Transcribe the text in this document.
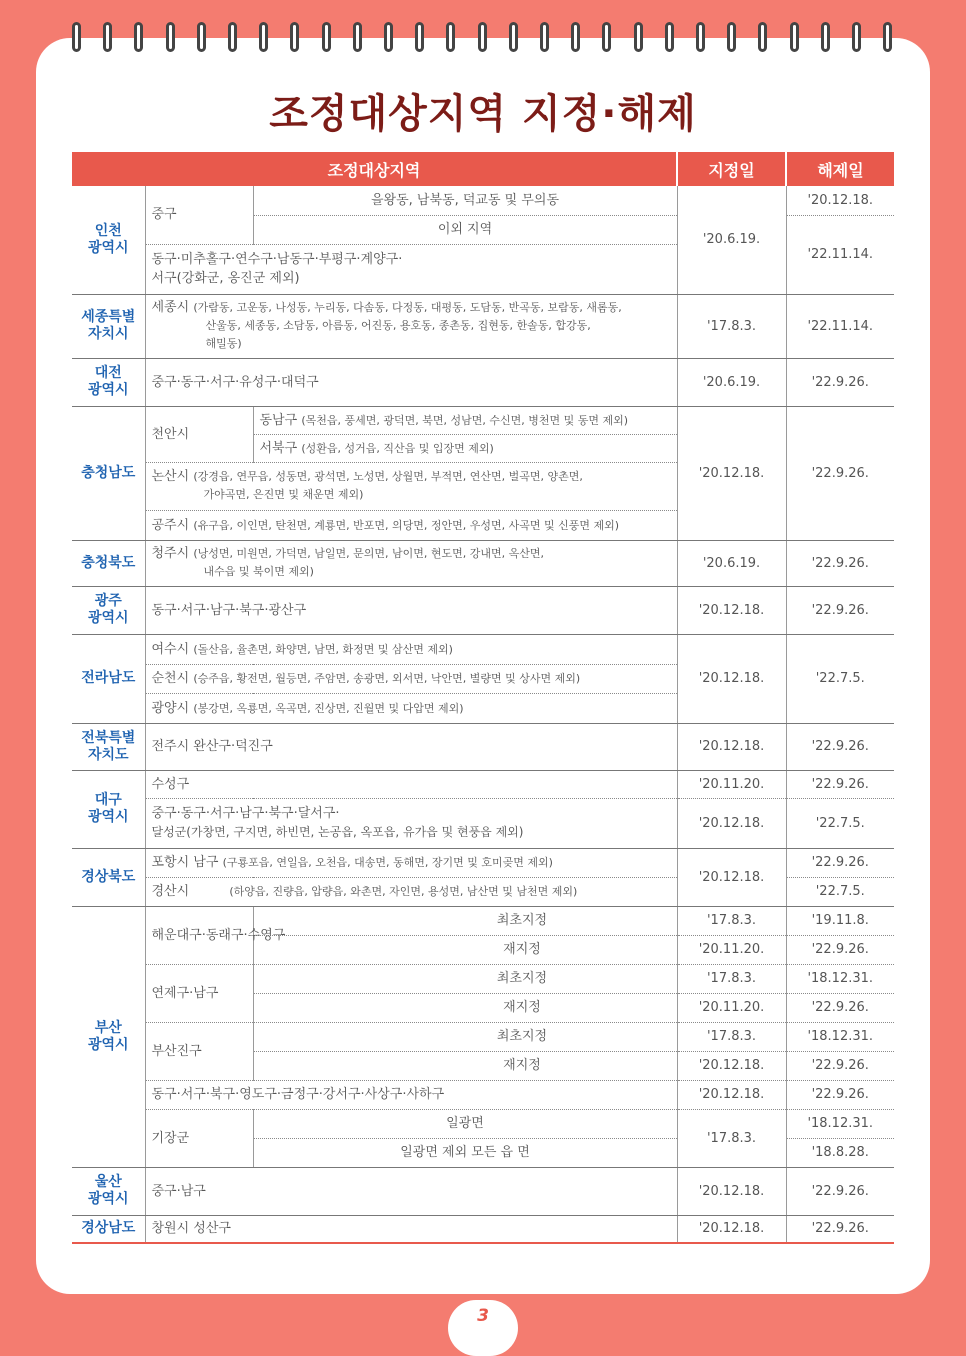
조정대상지역 지정·해제
조정대상지역			지정일	해제일
인천
광역시	중구	을왕동, 남북동, 덕교동 및 무의동	'20.6.19.	'20.12.18.
		이외 지역		'22.11.14.
	동구·미추홀구·연수구·남동구·부평구·계양구·
서구(강화군, 옹진군 제외)			
세종특별
자치시	세종시 (가람동, 고운동, 나성동, 누리동, 다솜동, 다정동, 대평동, 도담동, 반곡동, 보람동, 새롬동,
산울동, 세종동, 소담동, 아름동, 어진동, 용호동, 종촌동, 집현동, 한솔동, 합강동,
해밀동)		'17.8.3.	'22.11.14.
대전
광역시	중구·동구·서구·유성구·대덕구		'20.6.19.	'22.9.26.
충청남도	천안시	동남구 (목천읍, 풍세면, 광덕면, 북면, 성남면, 수신면, 병천면 및 동면 제외)	'20.12.18.	'22.9.26.
		서북구 (성환읍, 성거읍, 직산읍 및 입장면 제외)		
	논산시 (강경읍, 연무읍, 성동면, 광석면, 노성면, 상월면, 부적면, 연산면, 벌곡면, 양촌면,
가야곡면, 은진면 및 채운면 제외)			
	공주시 (유구읍, 이인면, 탄천면, 계룡면, 반포면, 의당면, 정안면, 우성면, 사곡면 및 신풍면 제외)			
충청북도	청주시 (낭성면, 미원면, 가덕면, 남일면, 문의면, 남이면, 현도면, 강내면, 옥산면,
내수읍 및 북이면 제외)		'20.6.19.	'22.9.26.
광주
광역시	동구·서구·남구·북구·광산구		'20.12.18.	'22.9.26.
전라남도	여수시 (돌산읍, 율촌면, 화양면, 남면, 화정면 및 삼산면 제외)		'20.12.18.	'22.7.5.
	순천시 (승주읍, 황전면, 월등면, 주암면, 송광면, 외서면, 낙안면, 별량면 및 상사면 제외)			
	광양시 (봉강면, 옥룡면, 옥곡면, 진상면, 진월면 및 다압면 제외)			
전북특별
자치도	전주시 완산구·덕진구		'20.12.18.	'22.9.26.
대구
광역시	수성구		'20.11.20.	'22.9.26.
	중구·동구·서구·남구·북구·달서구·
달성군(가창면, 구지면, 하빈면, 논공읍, 옥포읍, 유가읍 및 현풍읍 제외)		'20.12.18.	'22.7.5.
경상북도	포항시 남구 (구룡포읍, 연일읍, 오천읍, 대송면, 동해면, 장기면 및 호미곶면 제외)		'20.12.18.	'22.9.26.
	경산시 (하양읍, 진량읍, 압량읍, 와촌면, 자인면, 용성면, 남산면 및 남천면 제외)			'22.7.5.
부산
광역시	해운대구·동래구·수영구	최초지정	'17.8.3.	'19.11.8.
		재지정	'20.11.20.	'22.9.26.
	연제구·남구	최초지정	'17.8.3.	'18.12.31.
		재지정	'20.11.20.	'22.9.26.
	부산진구	최초지정	'17.8.3.	'18.12.31.
		재지정	'20.12.18.	'22.9.26.
	동구·서구·북구·영도구·금정구·강서구·사상구·사하구		'20.12.18.	'22.9.26.
	기장군	일광면	'17.8.3.	'18.12.31.
		일광면 제외 모든 읍 면		'18.8.28.
울산
광역시	중구·남구		'20.12.18.	'22.9.26.
경상남도	창원시 성산구		'20.12.18.	'22.9.26.
3
